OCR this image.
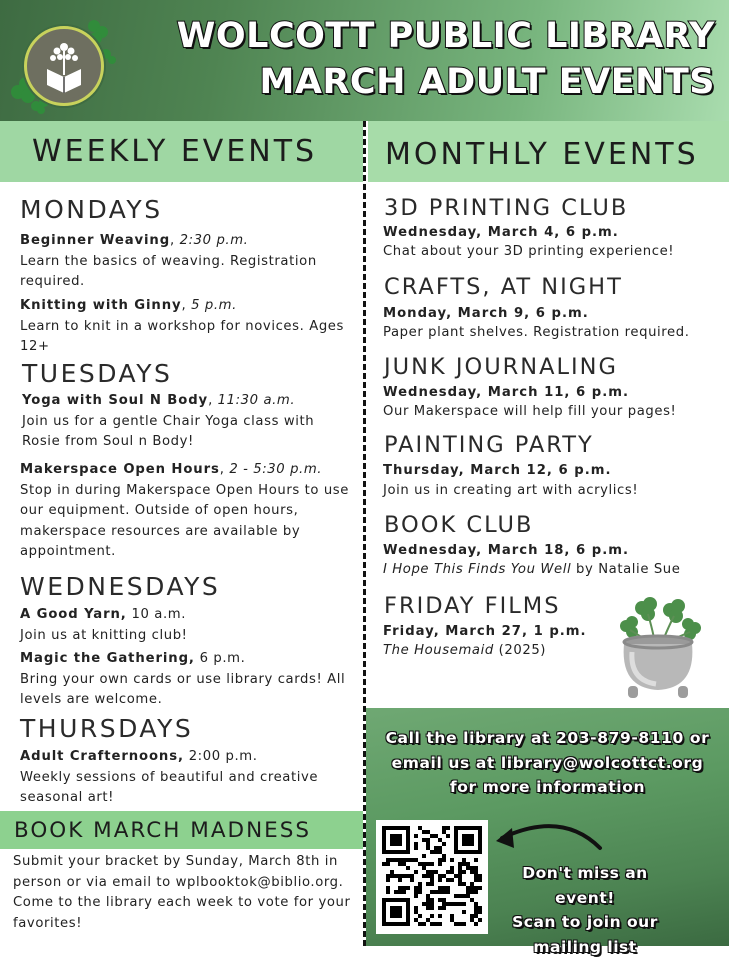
WOLCOTT PUBLIC LIBRARY
MARCH ADULT EVENTS
WEEKLY EVENTS MONTHLY EVENTS
MONDAYS
Beginner Weaving, 2:30 p.m.
Learn the basics of weaving. Registration required.
Knitting with Ginny, 5 p.m.
Learn to knit in a workshop for novices. Ages 12+
TUESDAYS
Yoga with Soul N Body, 11:30 a.m.
Join us for a gentle Chair Yoga class with Rosie from Soul n Body!
Makerspace Open Hours, 2 - 5:30 p.m.
Stop in during Makerspace Open Hours to use our equipment. Outside of open hours, makerspace resources are available by appointment.
WEDNESDAYS
A Good Yarn, 10 a.m.
Join us at knitting club!
Magic the Gathering, 6 p.m.
Bring your own cards or use library cards! All levels are welcome.
THURSDAYS
Adult Crafternoons, 2:00 p.m.
Weekly sessions of beautiful and creative seasonal art!
BOOK MARCH MADNESS
Submit your bracket by Sunday, March 8th in person or via email to wplbooktok@biblio.org. Come to the library each week to vote for your favorites!
3D PRINTING CLUB
Wednesday, March 4, 6 p.m.
Chat about your 3D printing experience!
CRAFTS, AT NIGHT
Monday, March 9, 6 p.m.
Paper plant shelves. Registration required.
JUNK JOURNALING
Wednesday, March 11, 6 p.m.
Our Makerspace will help fill your pages!
PAINTING PARTY
Thursday, March 12, 6 p.m.
Join us in creating art with acrylics!
BOOK CLUB
Wednesday, March 18, 6 p.m.
I Hope This Finds You Well by Natalie Sue
FRIDAY FILMS
Friday, March 27, 1 p.m.
The Housemaid (2025)
Call the library at 203-879-8110 or
email us at library@wolcottct.org
for more information
Don't miss an event!
Scan to join our
mailing list
